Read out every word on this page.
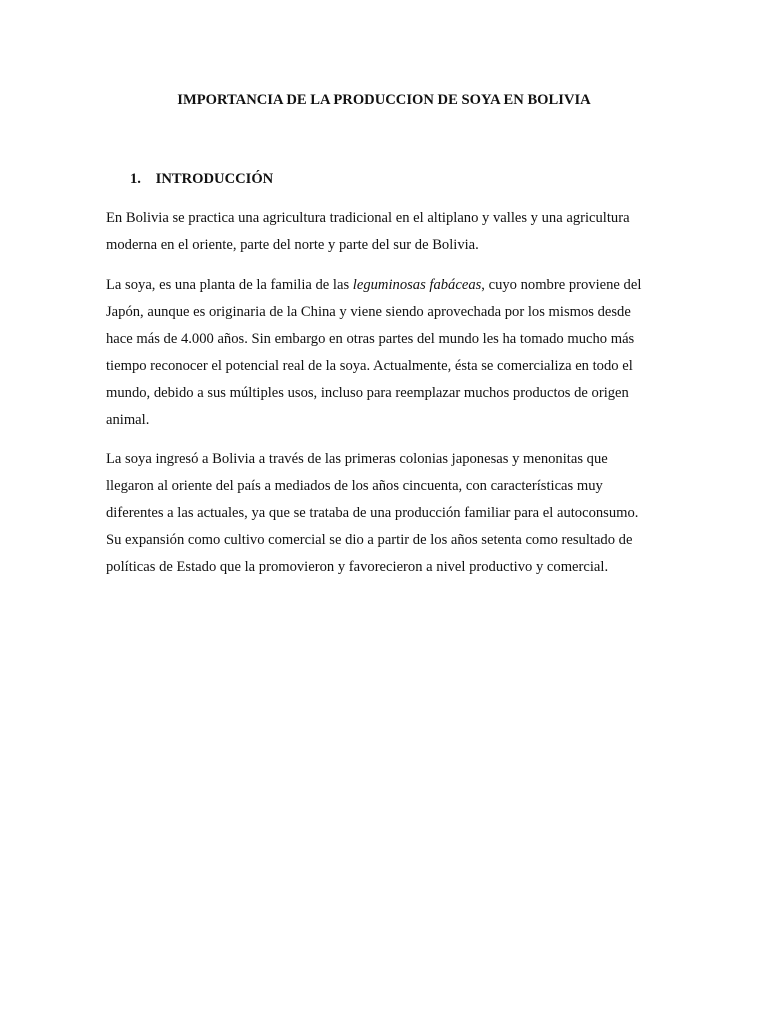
IMPORTANCIA DE LA PRODUCCION DE SOYA EN BOLIVIA
1. INTRODUCCIÓN

En Bolivia se practica una agricultura tradicional en el altiplano y valles y una agricultura
moderna en el oriente, parte del norte y parte del sur de Bolivia.

La soya, es una planta de la familia de las leguminosas fabáceas, cuyo nombre proviene del
Japón, aunque es originaria de la China y viene siendo aprovechada por los mismos desde
hace más de 4.000 años. Sin embargo en otras partes del mundo les ha tomado mucho más
tiempo reconocer el potencial real de la soya. Actualmente, ésta se comercializa en todo el
mundo, debido a sus múltiples usos, incluso para reemplazar muchos productos de origen
animal.

La soya ingresó a Bolivia a través de las primeras colonias japonesas y menonitas que
llegaron al oriente del país a mediados de los años cincuenta, con características muy
diferentes a las actuales, ya que se trataba de una producción familiar para el autoconsumo.
Su expansión como cultivo comercial se dio a partir de los años setenta como resultado de
políticas de Estado que la promovieron y favorecieron a nivel productivo y comercial.
